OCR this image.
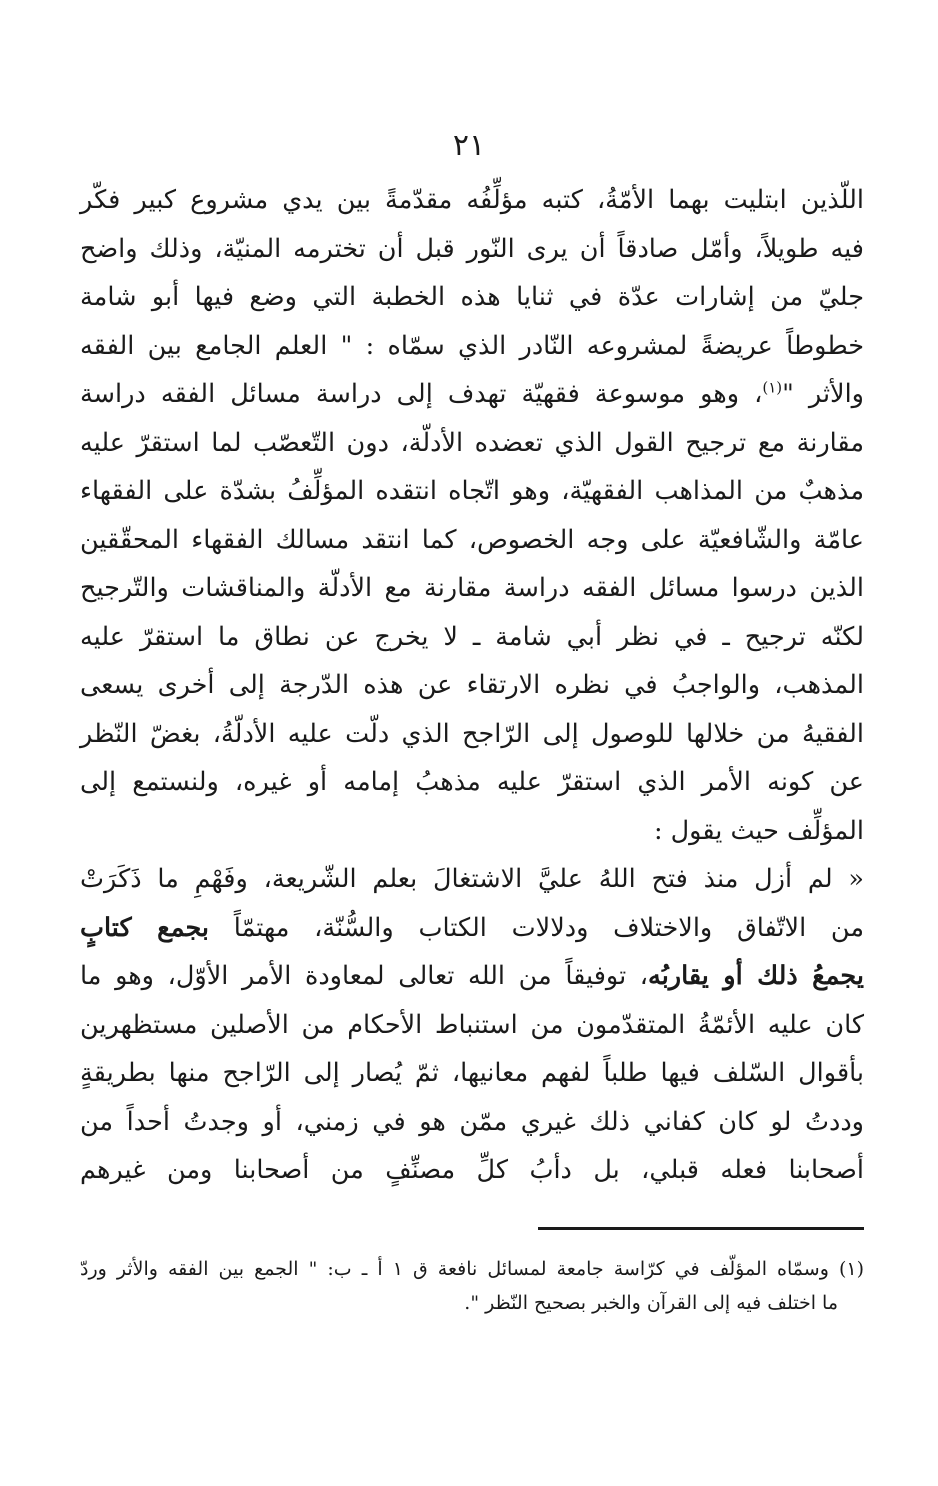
٢١

اللّذين ابتليت بهما الأمّةُ، كتبه مؤلِّفُه مقدّمةً بين يدي مشروع كبير فكّر
فيه طويلاً، وأمّل صادقاً أن يرى النّور قبل أن تخترمه المنيّة، وذلك واضح
جليّ من إشارات عدّة في ثنايا هذه الخطبة التي وضع فيها أبو شامة
خطوطاً عريضةً لمشروعه النّادر الذي سمّاه : " العلم الجامع بين الفقه
والأثر "$^{(١)}$، وهو موسوعة فقهيّة تهدف إلى دراسة مسائل الفقه دراسة
مقارنة مع ترجيح القول الذي تعضده الأدلّة، دون التّعصّب لما استقرّ عليه
مذهبٌ من المذاهب الفقهيّة، وهو اتّجاه انتقده المؤلِّفُ بشدّة على الفقهاء
عامّة والشّافعيّة على وجه الخصوص، كما انتقد مسالك الفقهاء المحقّقين
الذين درسوا مسائل الفقه دراسة مقارنة مع الأدلّة والمناقشات والتّرجيح
لكنّه ترجيح ـ في نظر أبي شامة ـ لا يخرج عن نطاق ما استقرّ عليه
المذهب، والواجبُ في نظره الارتقاء عن هذه الدّرجة إلى أخرى يسعى
الفقيهُ من خلالها للوصول إلى الرّاجح الذي دلّت عليه الأدلّةُ، بغضّ النّظر
عن كونه الأمر الذي استقرّ عليه مذهبُ إمامه أو غيره، ولنستمع إلى
المؤلِّف حيث يقول :
« لم أزل منذ فتح اللهُ عليَّ الاشتغالَ بعلم الشّريعة، وفَهْمِ ما ذَكَرَتْ
من الاتّفاق والاختلاف ودلالات الكتاب والسُّنّة، مهتمّاً بجمع كتابٍ
يجمعُ ذلك أو يقاربُه، توفيقاً من الله تعالى لمعاودة الأمر الأوّل، وهو ما
كان عليه الأئمّةُ المتقدّمون من استنباط الأحكام من الأصلين مستظهرين
بأقوال السّلف فيها طلباً لفهم معانيها، ثمّ يُصار إلى الرّاجح منها بطريقةٍ
وددتُ لو كان كفاني ذلك غيري ممّن هو في زمني، أو وجدتُ أحداً من
أصحابنا فعله قبلي، بل دأبُ كلِّ مصنِّفٍ من أصحابنا ومن غيرهم
(١) وسمّاه المؤلّف في كرّاسة جامعة لمسائل نافعة ق ١ أ ـ ب: " الجمع بين الفقه والأثر وردّ
ما اختلف فيه إلى القرآن والخبر بصحيح النّظر ".
